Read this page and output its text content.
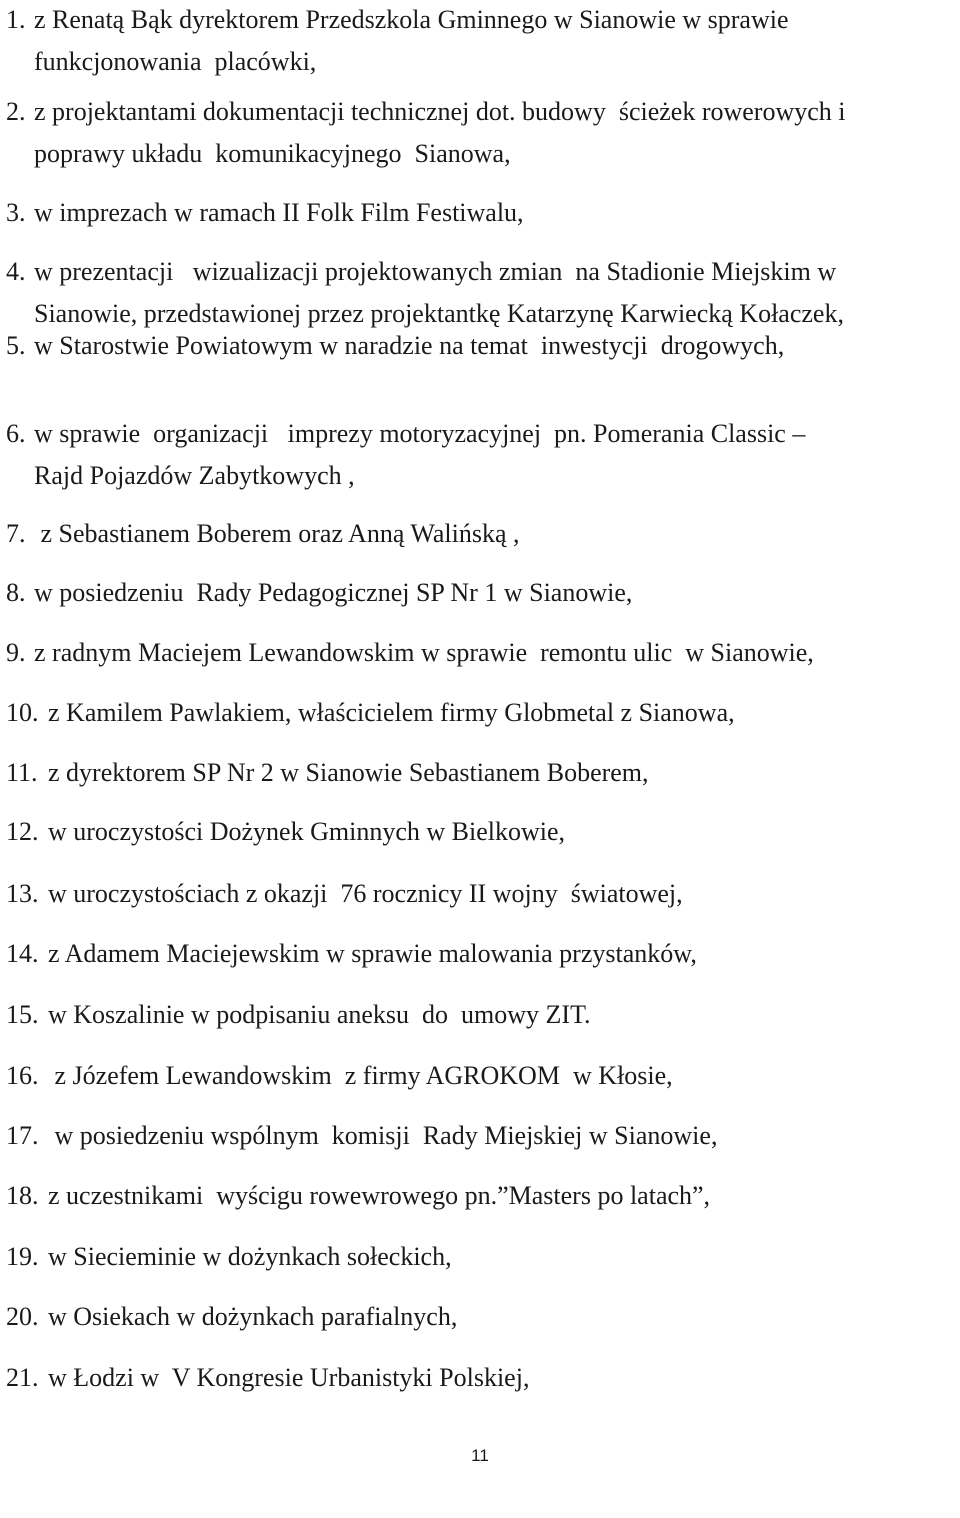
1.

z Renatą Bąk dyrektorem Przedszkola Gminnego w Sianowie w sprawie

funkcjonowania  placówki,

2.

z projektantami dokumentacji technicznej dot. budowy  ścieżek rowerowych i

poprawy układu  komunikacyjnego  Sianowa,

3.

w imprezach w ramach II Folk Film Festiwalu,

4.

w prezentacji   wizualizacji projektowanych zmian  na Stadionie Miejskim w

Sianowie, przedstawionej przez projektantkę Katarzynę Karwiecką Kołaczek,

5.

w Starostwie Powiatowym w naradzie na temat  inwestycji  drogowych,

6.

w sprawie  organizacji   imprezy motoryzacyjnej  pn. Pomerania Classic –

Rajd Pojazdów Zabytkowych ,

7.

z Sebastianem Boberem oraz Anną Walińską ,

8.

w posiedzeniu  Rady Pedagogicznej SP Nr 1 w Sianowie,

9.

z radnym Maciejem Lewandowskim w sprawie  remontu ulic  w Sianowie,

10.

z Kamilem Pawlakiem, właścicielem firmy Globmetal z Sianowa,

11.

z dyrektorem SP Nr 2 w Sianowie Sebastianem Boberem,

12.

w uroczystości Dożynek Gminnych w Bielkowie,

13.

w uroczystościach z okazji  76 rocznicy II wojny  światowej,

14.

z Adamem Maciejewskim w sprawie malowania przystanków,

15.

w Koszalinie w podpisaniu aneksu  do  umowy ZIT.

16.

z Józefem Lewandowskim  z firmy AGROKOM  w Kłosie,

17.

w posiedzeniu wspólnym  komisji  Rady Miejskiej w Sianowie,

18.

z uczestnikami  wyścigu rowewrowego pn.”Masters po latach”,

19.

w Siecieminie w dożynkach sołeckich,

20.

w Osiekach w dożynkach parafialnych,

21.

w Łodzi w  V Kongresie Urbanistyki Polskiej,

11
